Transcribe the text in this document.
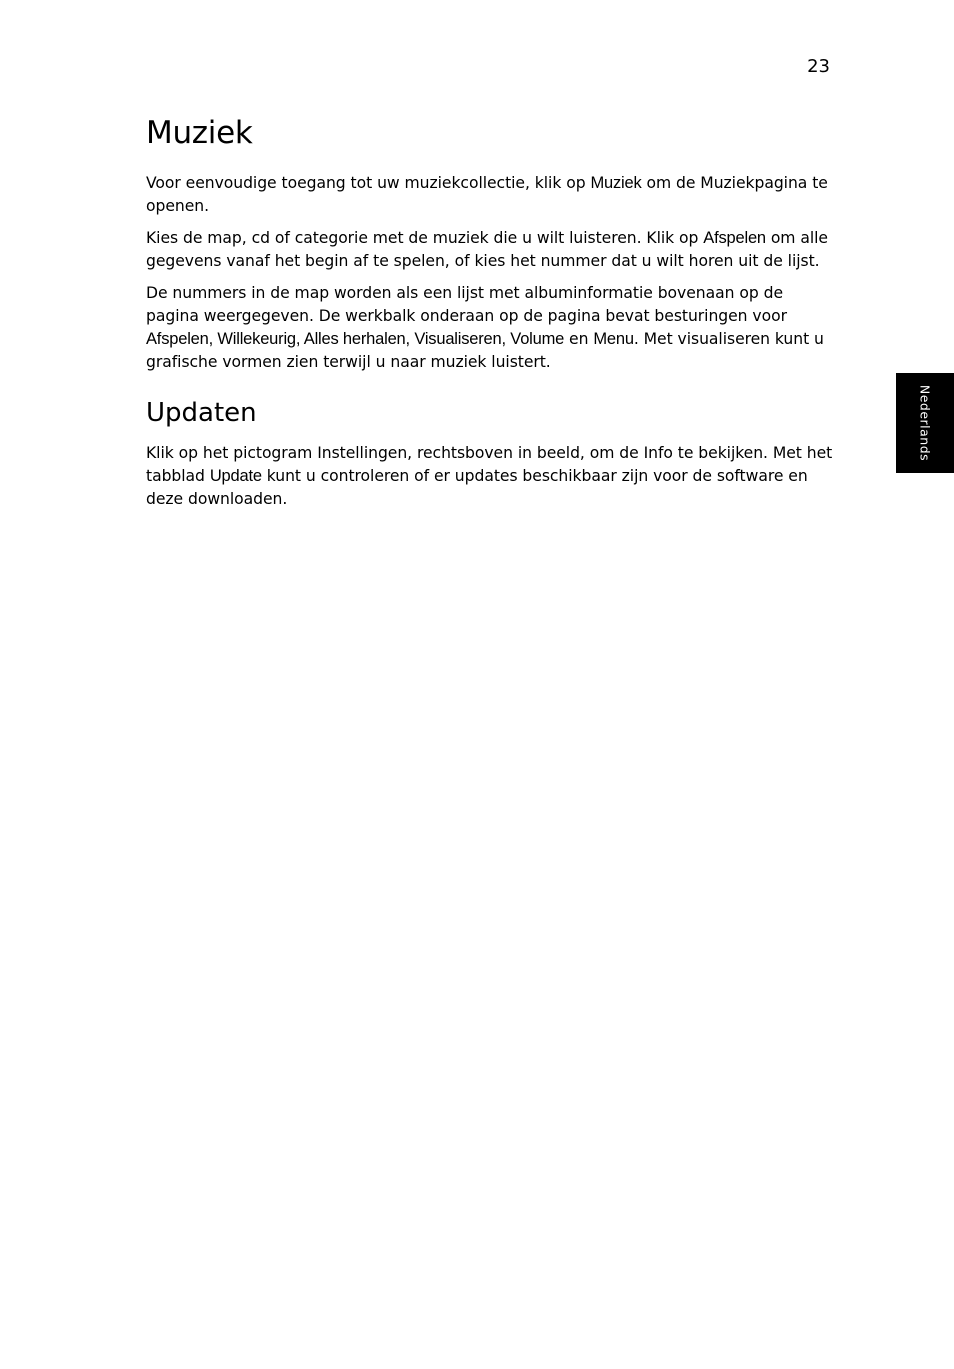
23
Nederlands
Muziek

Voor eenvoudige toegang tot uw muziekcollectie, klik op Muziek om de Muziekpagina te openen.

Kies de map, cd of categorie met de muziek die u wilt luisteren. Klik op Afspelen om alle gegevens vanaf het begin af te spelen, of kies het nummer dat u wilt horen uit de lijst.

De nummers in de map worden als een lijst met albuminformatie bovenaan op de pagina weergegeven. De werkbalk onderaan op de pagina bevat besturingen voor Afspelen, Willekeurig, Alles herhalen, Visualiseren, Volume en Menu. Met visualiseren kunt u grafische vormen zien terwijl u naar muziek luistert.

Updaten

Klik op het pictogram Instellingen, rechtsboven in beeld, om de Info te bekijken. Met het tabblad Update kunt u controleren of er updates beschikbaar zijn voor de software en deze downloaden.
